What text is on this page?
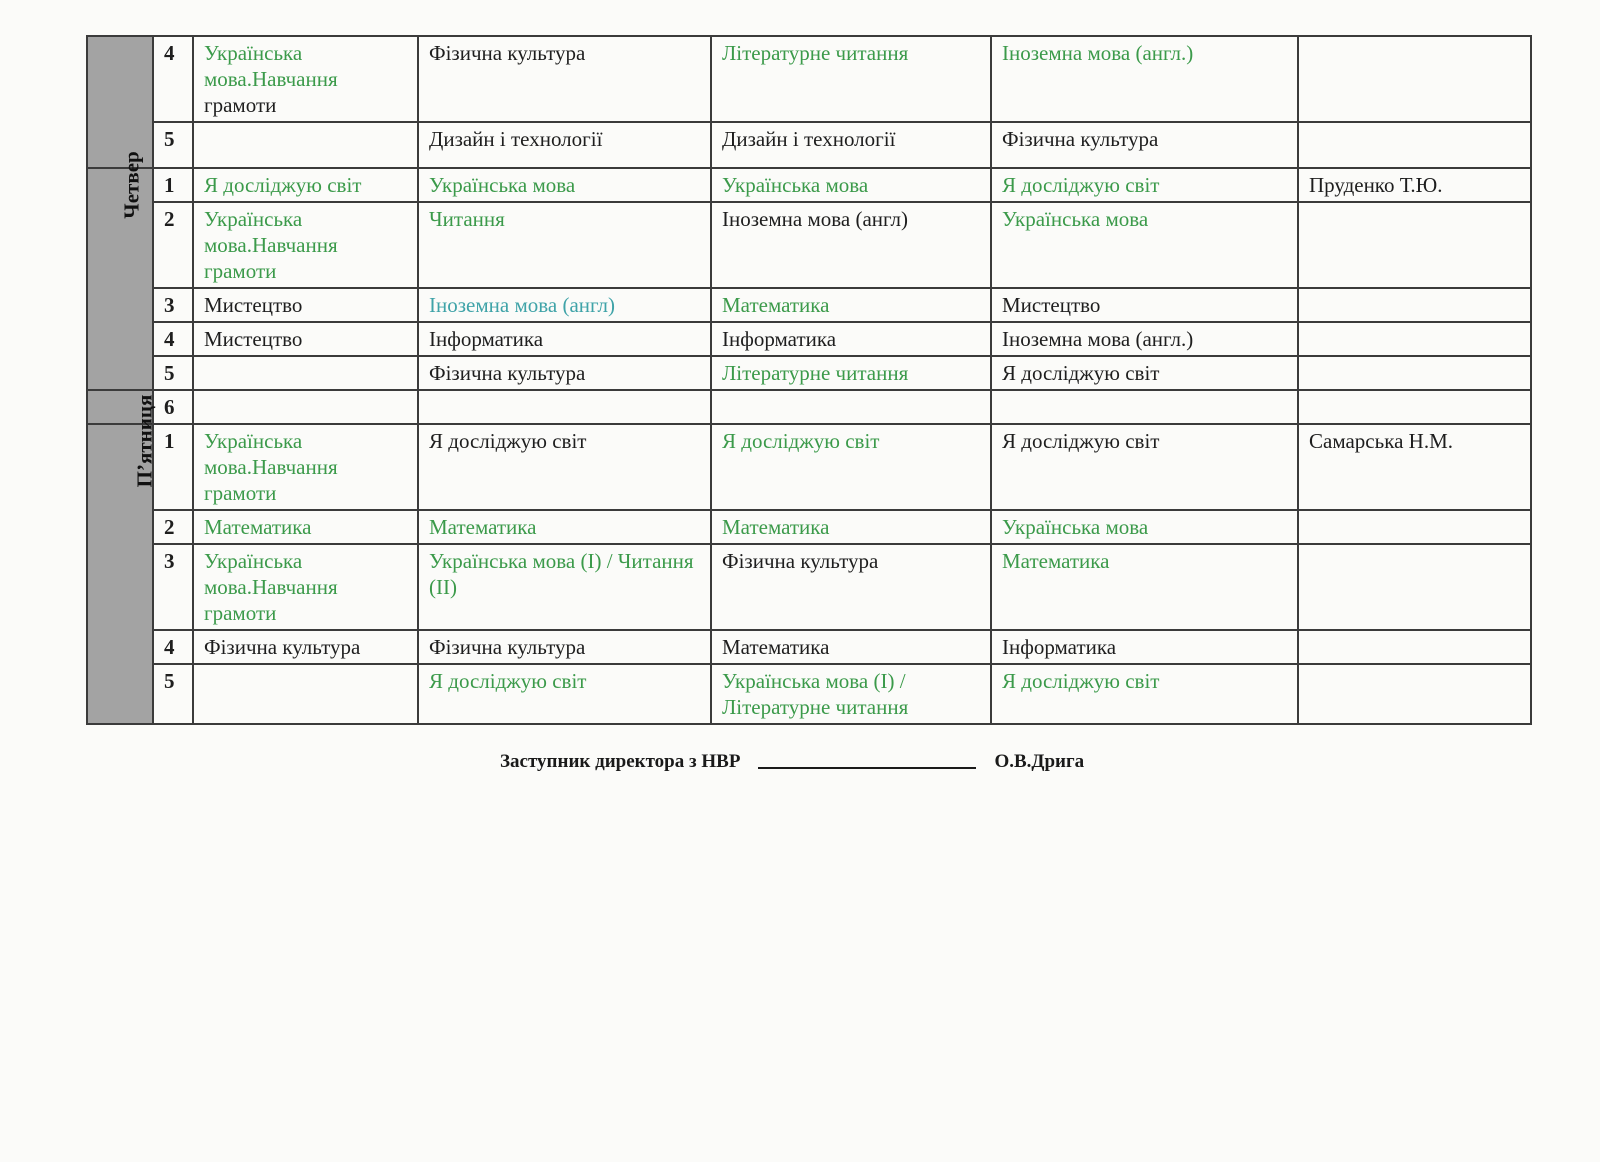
	4	Українська мова.Навчання
грамоти	Фізична культура	Літературне читання	Іноземна мова (англ.)	
	5		Дизайн і технології	Дизайн і технології	Фізична культура	
Четвер	1	Я досліджую світ	Українська мова	Українська мова	Я досліджую світ	Пруденко Т.Ю.
	2	Українська мова.Навчання грамоти	Читання	Іноземна мова (англ)	Українська мова	
	3	Мистецтво	Іноземна мова (англ)	Математика	Мистецтво	
	4	Мистецтво	Інформатика	Інформатика	Іноземна мова (англ.)	
	5		Фізична культура	Літературне читання	Я досліджую світ	
	6					
П’ятниця	1	Українська мова.Навчання грамоти	Я досліджую світ	Я досліджую світ	Я досліджую світ	Самарська Н.М.
	2	Математика	Математика	Математика	Українська мова	
	3	Українська мова.Навчання грамоти	Українська мова (І) / Читання (ІІ)	Фізична культура	Математика	
	4	Фізична культура	Фізична культура	Математика	Інформатика	
	5		Я досліджую світ	Українська мова (І) / Літературне читання	Я досліджую світ	
Заступник директора з НВР	О.В.Дрига
